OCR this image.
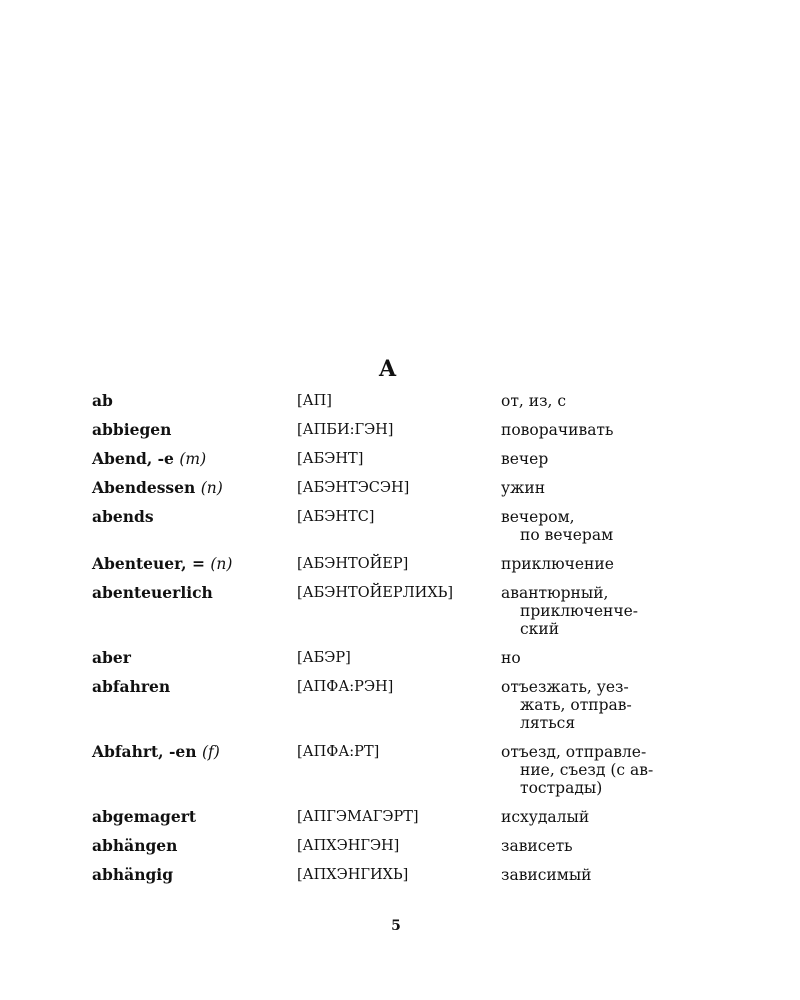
A
ab	[АП]	от, из, с
abbiegen	[АПБИ:ГЭН]	поворачивать
Abend, -e (m)	[АБЭНТ]	вечер
Abendessen (n)	[АБЭНТЭСЭН]	ужин
abends	[АБЭНТС]	вечером,
по вечерам
Abenteuer, = (n)	[АБЭНТОЙЕР]	приключение
abenteuerlich	[АБЭНТОЙЕРЛИХЬ]	авантюрный,
приключенче-
ский
aber	[АБЭР]	но
abfahren	[АПФА:РЭН]	отъезжать, уез-
жать, отправ-
ляться
Abfahrt, -en (f)	[АПФА:РТ]	отъезд, отправле-
ние, съезд (с ав-
тострады)
abgemagert	[АПГЭМАГЭРТ]	исхудалый
abhängen	[АПХЭНГЭН]	зависеть
abhängig	[АПХЭНГИХЬ]	зависимый
5
